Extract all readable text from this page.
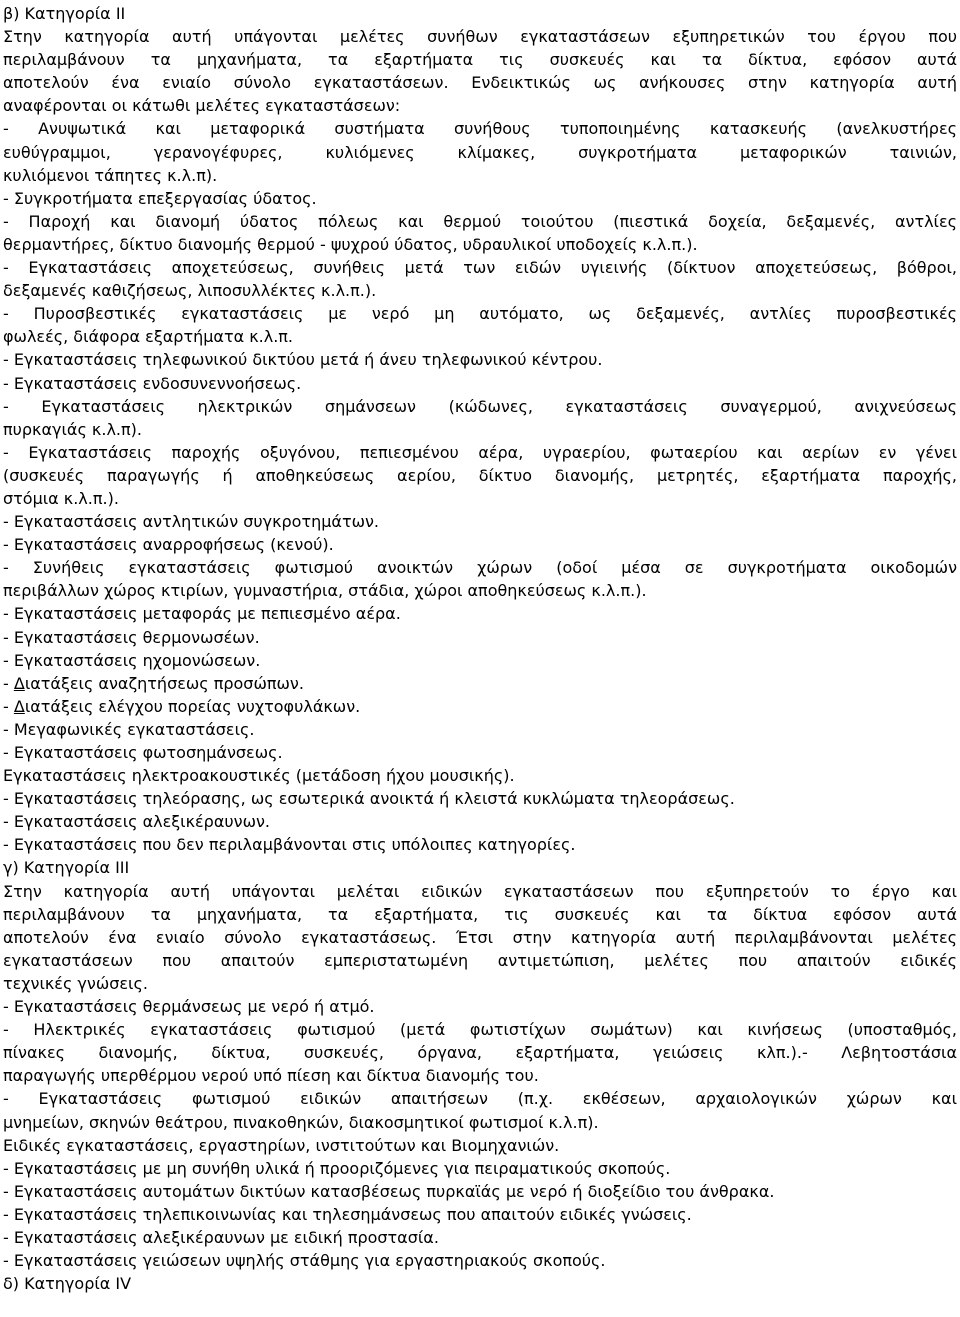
β) Κατηγορία ΙΙ
Στην κατηγορία αυτή υπάγονται μελέτες συνήθων εγκαταστάσεων εξυπηρετικών του έργου που
περιλαμβάνουν τα μηχανήματα, τα εξαρτήματα τις συσκευές και τα δίκτυα, εφόσον αυτά
αποτελούν ένα ενιαίο σύνολο εγκαταστάσεων. Ενδεικτικώς ως ανήκουσες στην κατηγορία αυτή
αναφέρονται οι κάτωθι μελέτες εγκαταστάσεων:
- Ανυψωτικά και μεταφορικά συστήματα συνήθους τυποποιημένης κατασκευής (ανελκυστήρες
ευθύγραμμοι, γερανογέφυρες, κυλιόμενες κλίμακες, συγκροτήματα μεταφορικών ταινιών,
κυλιόμενοι τάπητες κ.λ.π).
- Συγκροτήματα επεξεργασίας ύδατος.
- Παροχή και διανομή ύδατος πόλεως και θερμού τοιούτου (πιεστικά δοχεία, δεξαμενές, αντλίες
θερμαντήρες, δίκτυο διανομής θερμού - ψυχρού ύδατος, υδραυλικοί υποδοχείς κ.λ.π.).
- Εγκαταστάσεις αποχετεύσεως, συνήθεις μετά των ειδών υγιεινής (δίκτυον αποχετεύσεως, βόθροι,
δεξαμενές καθιζήσεως, λιποσυλλέκτες κ.λ.π.).
- Πυροσβεστικές εγκαταστάσεις με νερό μη αυτόματο, ως δεξαμενές, αντλίες πυροσβεστικές
φωλεές, διάφορα εξαρτήματα κ.λ.π.
- Εγκαταστάσεις τηλεφωνικού δικτύου μετά ή άνευ τηλεφωνικού κέντρου.
- Εγκαταστάσεις ενδοσυνεννοήσεως.
- Εγκαταστάσεις ηλεκτρικών σημάνσεων (κώδωνες, εγκαταστάσεις συναγερμού, ανιχνεύσεως
πυρκαγιάς κ.λ.π).
- Εγκαταστάσεις παροχής οξυγόνου, πεπιεσμένου αέρα, υγραερίου, φωταερίου και αερίων εν γένει
(συσκευές παραγωγής ή αποθηκεύσεως αερίου, δίκτυο διανομής, μετρητές, εξαρτήματα παροχής,
στόμια κ.λ.π.).
- Εγκαταστάσεις αντλητικών συγκροτημάτων.
- Εγκαταστάσεις αναρροφήσεως (κενού).
- Συνήθεις εγκαταστάσεις φωτισμού ανοικτών χώρων (οδοί μέσα σε συγκροτήματα οικοδομών
περιβάλλων χώρος κτιρίων, γυμναστήρια, στάδια, χώροι αποθηκεύσεως κ.λ.π.).
- Εγκαταστάσεις μεταφοράς με πεπιεσμένο αέρα.
- Εγκαταστάσεις θερμονωσέων.
- Εγκαταστάσεις ηχομονώσεων.
- Διατάξεις αναζητήσεως προσώπων.
- Διατάξεις ελέγχου πορείας νυχτοφυλάκων.
- Μεγαφωνικές εγκαταστάσεις.
- Εγκαταστάσεις φωτοσημάνσεως.
Εγκαταστάσεις ηλεκτροακουστικές (μετάδοση ήχου μουσικής).
- Εγκαταστάσεις τηλεόρασης, ως εσωτερικά ανοικτά ή κλειστά κυκλώματα τηλεοράσεως.
- Εγκαταστάσεις αλεξικέραυνων.
- Εγκαταστάσεις που δεν περιλαμβάνονται στις υπόλοιπες κατηγορίες.
γ) Κατηγορία ΙΙΙ
Στην κατηγορία αυτή υπάγονται μελέται ειδικών εγκαταστάσεων που εξυπηρετούν το έργο και
περιλαμβάνουν τα μηχανήματα, τα εξαρτήματα, τις συσκευές και τα δίκτυα εφόσον αυτά
αποτελούν ένα ενιαίο σύνολο εγκαταστάσεως. Έτσι στην κατηγορία αυτή περιλαμβάνονται μελέτες
εγκαταστάσεων που απαιτούν εμπεριστατωμένη αντιμετώπιση, μελέτες που απαιτούν ειδικές
τεχνικές γνώσεις.
- Εγκαταστάσεις θερμάνσεως με νερό ή ατμό.
- Ηλεκτρικές εγκαταστάσεις φωτισμού (μετά φωτιστίχων σωμάτων) και κινήσεως (υποσταθμός,
πίνακες διανομής, δίκτυα, συσκευές, όργανα, εξαρτήματα, γειώσεις κλπ.).- Λεβητοστάσια
παραγωγής υπερθέρμου νερού υπό πίεση και δίκτυα διανομής του.
- Εγκαταστάσεις φωτισμού ειδικών απαιτήσεων (π.χ. εκθέσεων, αρχαιολογικών χώρων και
μνημείων, σκηνών θεάτρου, πινακοθηκών, διακοσμητικοί φωτισμοί κ.λ.π).
Ειδικές εγκαταστάσεις, εργαστηρίων, ινστιτούτων και Βιομηχανιών.
- Εγκαταστάσεις με μη συνήθη υλικά ή προοριζόμενες για πειραματικούς σκοπούς.
- Εγκαταστάσεις αυτομάτων δικτύων κατασβέσεως πυρκαϊάς με νερό ή διοξείδιο του άνθρακα.
- Εγκαταστάσεις τηλεπικοινωνίας και τηλεσημάνσεως που απαιτούν ειδικές γνώσεις.
- Εγκαταστάσεις αλεξικέραυνων με ειδική προστασία.
- Εγκαταστάσεις γειώσεων υψηλής στάθμης για εργαστηριακούς σκοπούς.
δ) Κατηγορία ΙV
